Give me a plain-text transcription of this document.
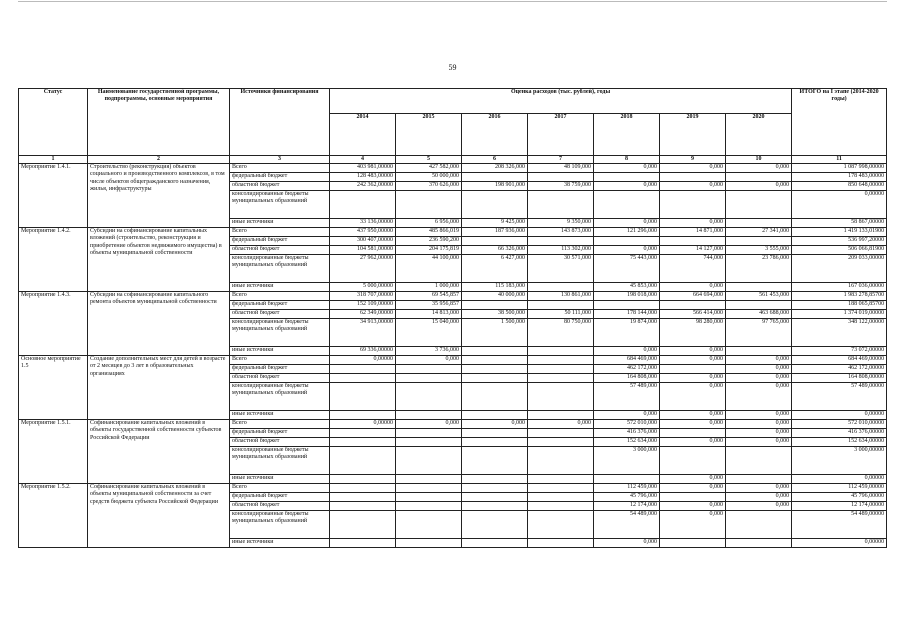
59
Статус	Наименование государственной программы, подпрограммы, основные мероприятия	Источники финансирования	Оценка расходов (тыс. рублей), годы							ИТОГО на I этапе (2014-2020 годы)
			2014	2015	2016	2017	2018	2019	2020	
1	2	3	4	5	6	7	8	9	10	11
Мероприятие 1.4.1.	Строительство (реконструкция) объектов социального и производственного комплексов, в том числе объектов общегражданского назначения, жилья, инфраструктуры	Всего	403 981,00000	427 582,000	208 326,000	48 109,000	0,000	0,000	0,000	1 087 998,00000
		федеральный бюджет	128 483,00000	50 000,000						178 483,00000
		областной бюджет	242 362,00000	370 626,000	198 901,000	38 759,000	0,000	0,000	0,000	850 648,00000
		консолидированные бюджеты муниципальных образований								0,00000
		иные источники	33 136,00000	6 956,000	9 425,000	9 350,000	0,000	0,000		58 867,00000
Мероприятие 1.4.2.	Субсидии на софинансирование капитальных вложений (строительство, реконструкция и приобретение объектов недвижимого имущества) в объекты муниципальной собственности	Всего	437 950,00000	485 866,019	187 936,000	143 873,000	121 296,000	14 871,000	27 341,000	1 419 133,01900
		федеральный бюджет	300 407,00000	236 590,200						536 997,20000
		областной бюджет	104 581,00000	204 175,819	66 326,000	113 302,000	0,000	14 127,000	3 555,000	506 066,81900
		консолидированные бюджеты муниципальных образований	27 962,00000	44 100,000	6 427,000	30 571,000	75 443,000	744,000	23 786,000	209 033,00000
		иные источники	5 000,00000	1 000,000	115 183,000		45 853,000	0,000		167 036,00000
Мероприятие 1.4.3.	Субсидии на софинансирование капитального ремонта объектов муниципальной собственности	Всего	318 707,00000	69 545,857	40 000,000	130 861,000	198 018,000	664 694,000	561 453,000	1 983 278,85700
		федеральный бюджет	152 109,00000	35 956,857						188 065,85700
		областной бюджет	62 349,00000	14 813,000	38 500,000	50 111,000	178 144,000	566 414,000	463 688,000	1 374 019,00000
		консолидированные бюджеты муниципальных образований	34 913,00000	15 040,000	1 500,000	80 750,000	19 874,000	98 280,000	97 765,000	348 122,00000
		иные источники	69 336,00000	3 736,000			0,000	0,000		73 072,00000
Основное мероприятие 1.5	Создание дополнительных мест для детей в возрасте от 2 месяцев до 3 лет в образовательных организациях	Всего	0,00000	0,000			684 469,000	0,000	0,000	684 469,00000
		федеральный бюджет					462 172,000		0,000	462 172,00000
		областной бюджет					164 808,000	0,000	0,000	164 808,00000
		консолидированные бюджеты муниципальных образований					57 489,000	0,000	0,000	57 489,00000
		иные источники					0,000	0,000	0,000	0,00000
Мероприятие 1.5.1.	Софинансирование капитальных вложений в объекты государственной собственности субъектов Российской Федерации	Всего	0,00000	0,000	0,000	0,000	572 010,000	0,000	0,000	572 010,00000
		федеральный бюджет					416 376,000		0,000	416 376,00000
		областной бюджет					152 634,000	0,000	0,000	152 634,00000
		консолидированные бюджеты муниципальных образований					3 000,000			3 000,00000
		иные источники						0,000		0,00000
Мероприятие 1.5.2.	Софинансирование капитальных вложений в объекты муниципальной собственности за счет средств бюджета субъекта Российской Федерации	Всего					112 459,000	0,000	0,000	112 459,00000
		федеральный бюджет					45 796,000		0,000	45 796,00000
		областной бюджет					12 174,000	0,000	0,000	12 174,00000
		консолидированные бюджеты муниципальных образований					54 489,000	0,000		54 489,00000
		иные источники					0,000			0,00000
